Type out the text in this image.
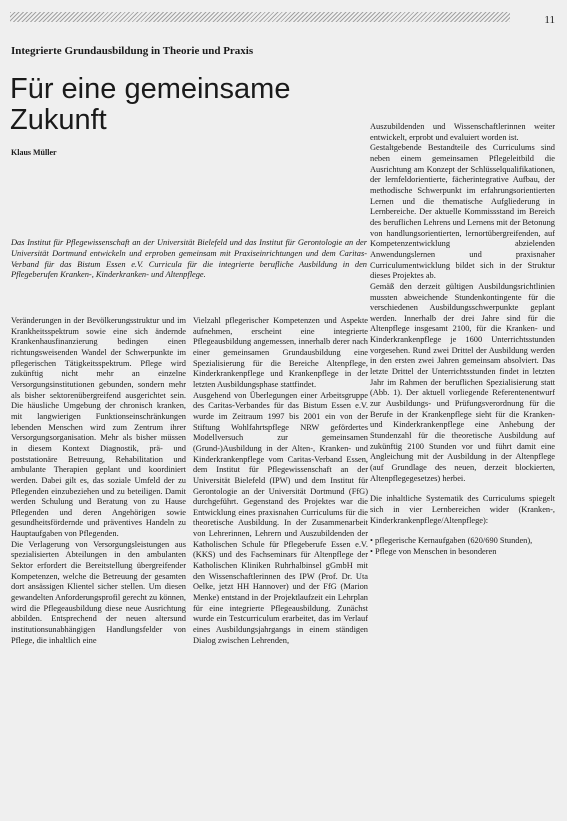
11
Integrierte Grundausbildung in Theorie und Praxis
Für eine gemeinsame Zukunft
Klaus Müller
Das Institut für Pflegewissenschaft an der Universität Bielefeld und das Institut für Gerontologie an der Universität Dortmund entwickeln und erproben gemeinsam mit Praxiseinrichtungen und dem Caritas-Verband für das Bistum Essen e.V. Curricula für die integrierte berufliche Ausbildung in den Pflegeberufen Kranken-, Kinderkranken- und Altenpflege.

Veränderungen in der Bevölkerungsstruktur und im Krankheitsspektrum sowie eine sich ändernde Krankenhausfinanzierung bedingen einen richtungsweisenden Wandel der Schwerpunkte im pflegerischen Tätigkeitsspektrum. Pflege wird zukünftig nicht mehr an einzelne Versorgungsinstitutionen gebunden, sondern mehr als bisher sektorenübergreifend ausgerichtet sein. Die häusliche Umgebung der chronisch kranken, mit langwierigen Funktionseinschränkungen lebenden Menschen wird zum Zentrum ihrer Versorgungsorganisation. Mehr als bisher müssen in diesem Kontext Diagnostik, prä- und poststationäre Betreuung, Rehabilitation und ambulante Therapien geplant und koordiniert werden. Dabei gilt es, das soziale Umfeld der zu Pflegenden einzubeziehen und zu beteiligen. Damit werden Schulung und Beratung von zu Hause Pflegenden und deren Angehörigen sowie gesundheitsfördernde und präventives Handeln zu Hauptaufgaben von Pflegenden.

Die Verlagerung von Versorgungsleistungen aus spezialisierten Abteilungen in den ambulanten Sektor erfordert die Bereitstellung übergreifender Kompetenzen, welche die Betreuung der gesamten dort ansässigen Klientel sicher stellen. Um diesen gewandelten Anforderungsprofil gerecht zu können, wird die Pflegeausbildung diese neue Ausrichtung abbilden. Entsprechend der neuen altersund institutionsunabhängigen Handlungsfelder von Pflege, die inhaltlich eine

Vielzahl pflegerischer Kompetenzen und Aspekte aufnehmen, erscheint eine integrierte Pflegeausbildung angemessen, innerhalb derer nach einer gemeinsamen Grundausbildung eine Spezialisierung für die Bereiche Altenpflege, Kinderkrankenpflege und Krankenpflege in der letzten Ausbildungsphase stattfindet.

Ausgehend von Überlegungen einer Arbeitsgruppe des Caritas-Verbandes für das Bistum Essen e.V. wurde im Zeitraum 1997 bis 2001 ein von der Stiftung Wohlfahrtspflege NRW gefördertes Modellversuch zur gemeinsamen (Grund-)Ausbildung in der Alten-, Kranken- und Kinderkrankenpflege vom Caritas-Verband Essen, dem Institut für Pflegewissenschaft an der Universität Bielefeld (IPW) und dem Institut für Gerontologie an der Universität Dortmund (FfG) durchgeführt. Gegenstand des Projektes war die Entwicklung eines praxisnahen Curriculums für die theoretische Ausbildung. In der Zusammenarbeit von Lehrerinnen, Lehrern und Auszubildenden der Katholischen Schule für Pflegeberufe Essen e.V. (KKS) und des Fachseminars für Altenpflege der Katholischen Kliniken Ruhrhalbinsel gGmbH mit den Wissenschaftlerinnen des IPW (Prof. Dr. Uta Oelke, jetzt HH Hannover) und der FfG (Marion Menke) entstand in der Projektlaufzeit ein Lehrplan für eine integrierte Pflegeausbildung. Zunächst wurde ein Testcurriculum erarbeitet, das im Verlauf eines Ausbildungsjahrgangs in einem ständigen Dialog zwischen Lehrenden,

Auszubildenden und Wissenschaftlerinnen weiter entwickelt, erprobt und evaluiert worden ist.

Gestaltgebende Bestandteile des Curriculums sind neben einem gemeinsamen Pflegeleitbild die Ausrichtung am Konzept der Schlüsselqualifikationen, der lernfeldorientierte, fächerintegrative Aufbau, der methodische Schwerpunkt im erfahrungsorientierten Lernen und die thematische Aufgliederung in Lernbereiche. Der aktuelle Kommissstand im Bereich des beruflichen Lehrens und Lernens mit der Betonung von handlungsorientierten, lernortübergreifenden, auf Kompetenzentwicklung abzielenden Anwendungslernen und praxisnaher Curriculumentwicklung bildet sich in der Struktur dieses Projektes ab.

Gemäß den derzeit gültigen Ausbildungsrichtlinien mussten abweichende Stundenkontingente für die verschiedenen Ausbildungsschwerpunkte geplant werden. Innerhalb der drei Jahre sind für die Altenpflege insgesamt 2100, für die Kranken- und Kinderkrankenpflege je 1600 Unterrichtsstunden vorgesehen. Rund zwei Drittel der Ausbildung werden in den ersten zwei Jahren gemeinsam absolviert. Das letzte Drittel der Unterrichtsstunden findet in letzten Jahr im Rahmen der beruflichen Spezialisierung statt (Abb. 1). Der aktuell vorliegende Referentenentwurf zur Ausbildungs- und Prüfungsverordnung für die Berufe in der Krankenpflege sieht für die Kranken- und Kinderkrankenpflege eine Anhebung der Stundenzahl für die theoretische Ausbildung auf zukünftig 2100 Stunden vor und führt damit eine Angleichung mit der Ausbildung in der Altenpflege (auf Grundlage des neuen, derzeit blockierten, Altenpflegegesetzes) herbei.

Die inhaltliche Systematik des Curriculums spiegelt sich in vier Lernbereichen wider (Kranken-, Kinderkrankenpflege/Altenpflege):

• pflegerische Kernaufgaben (620/690 Stunden),

• Pflege von Menschen in besonderen
